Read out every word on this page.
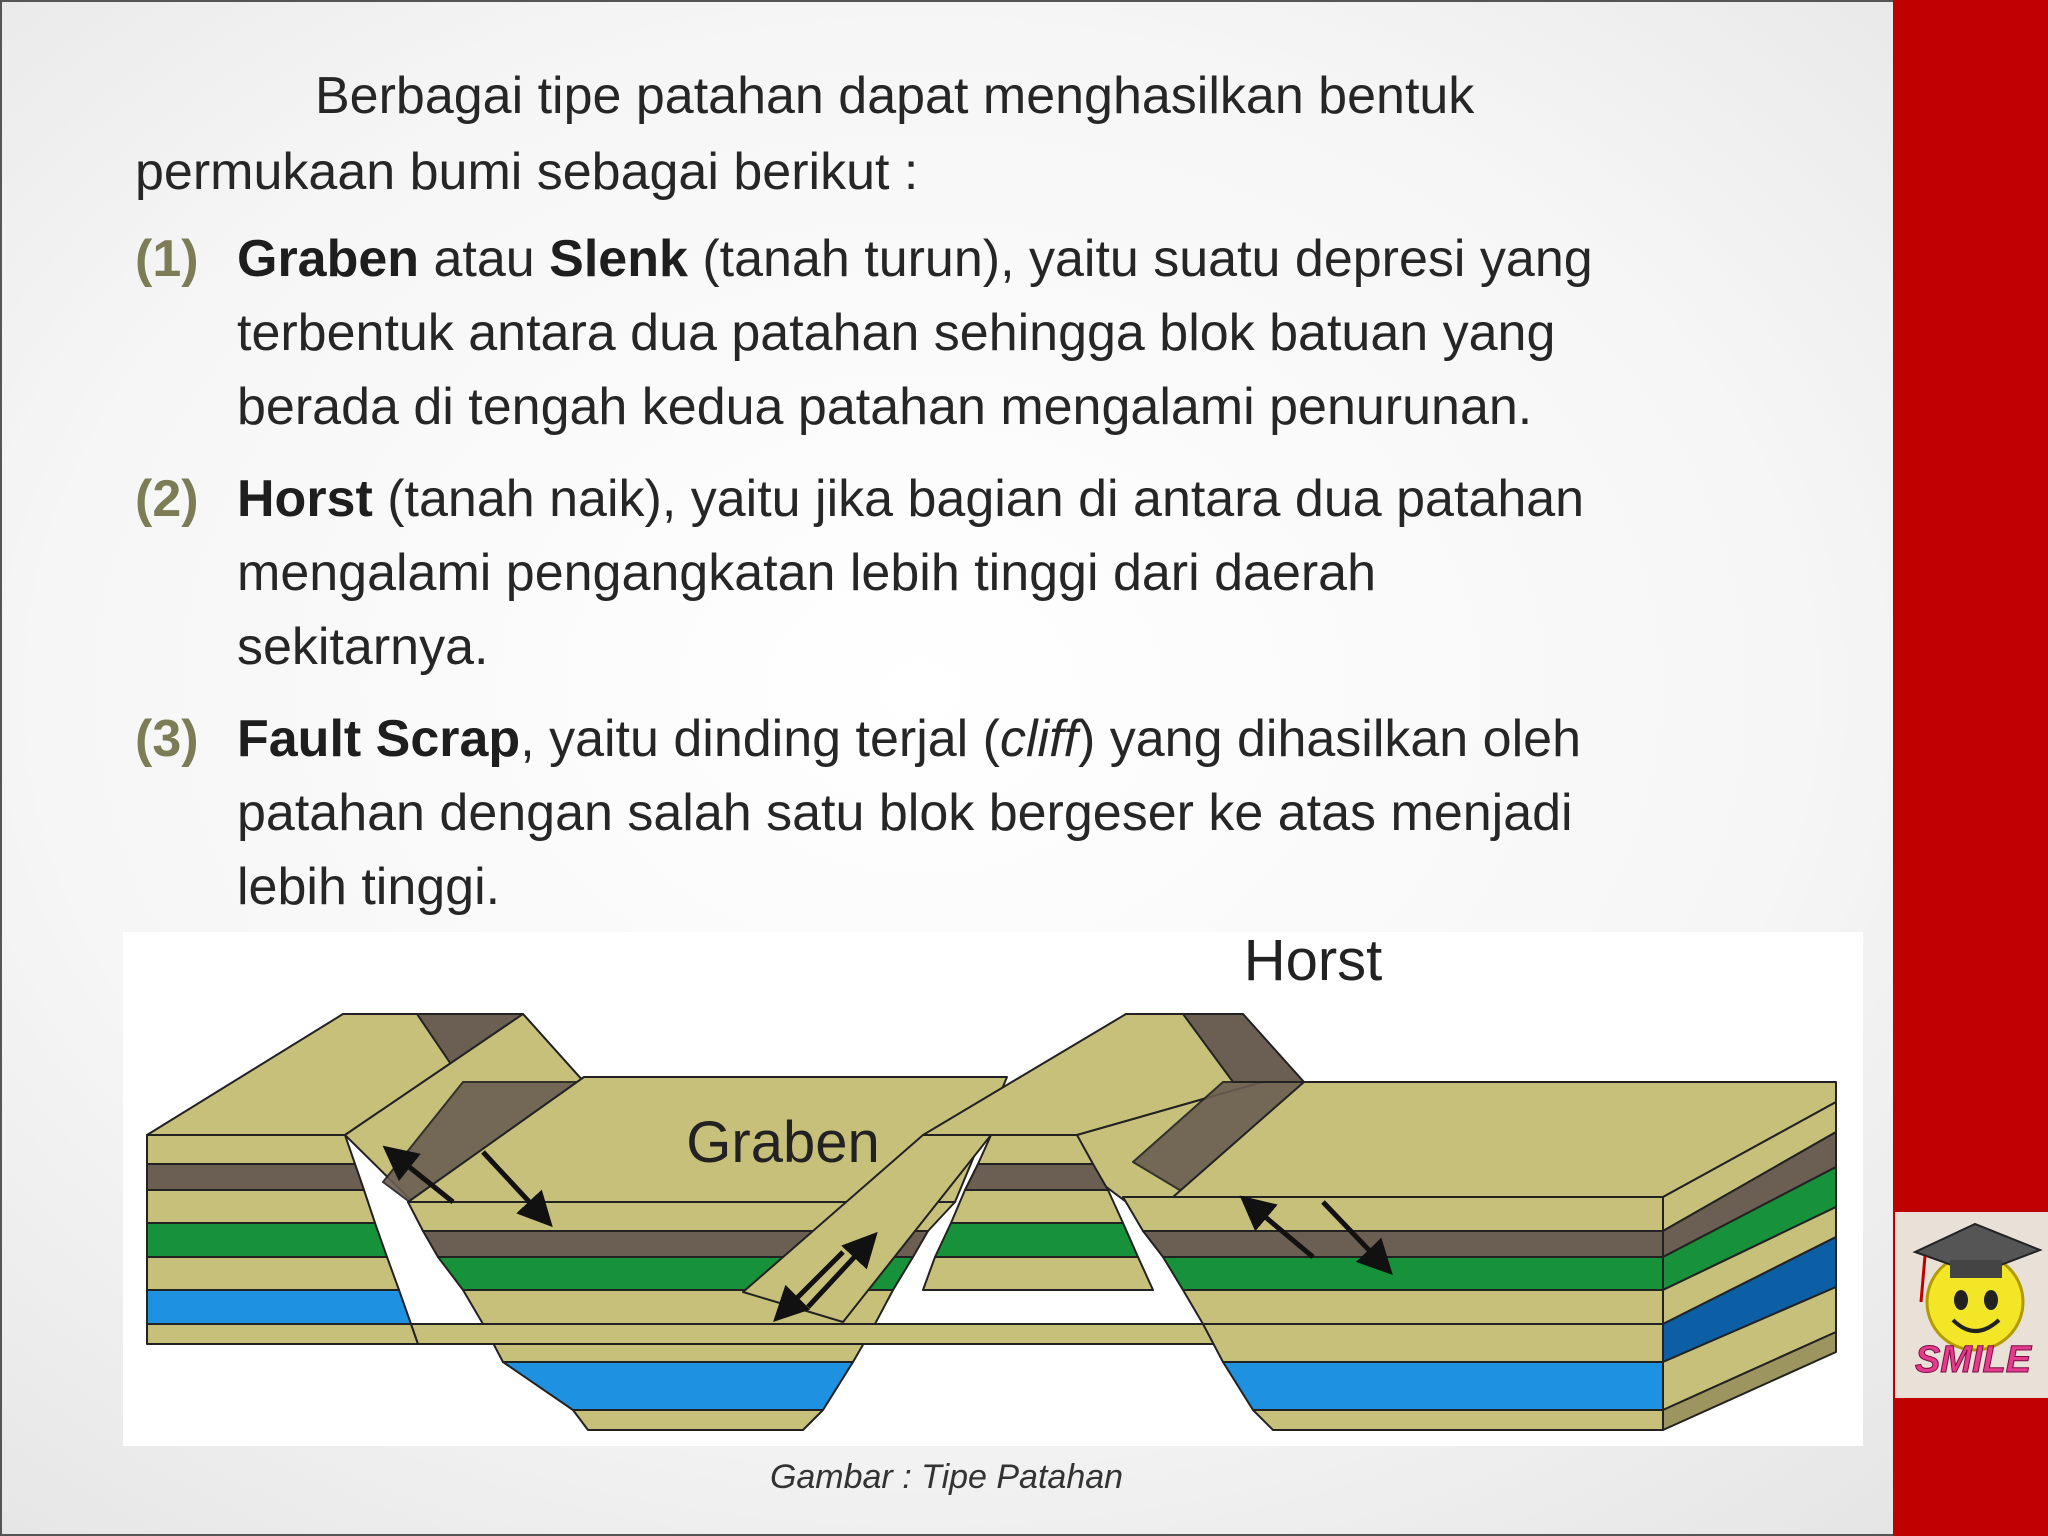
Berbagai tipe patahan dapat menghasilkan bentuk
permukaan bumi sebagai berikut :
(1) Graben atau Slenk (tanah turun), yaitu suatu depresi yang
terbentuk antara dua patahan sehingga blok batuan yang
berada di tengah kedua patahan mengalami penurunan.
(2) Horst (tanah naik), yaitu jika bagian di antara dua patahan
mengalami pengangkatan lebih tinggi dari daerah
sekitarnya.
(3) Fault Scrap, yaitu dinding terjal (cliff) yang dihasilkan oleh
patahan dengan salah satu blok bergeser ke atas menjadi
lebih tinggi.
Horst
Graben
Gambar : Tipe Patahan
SMILE
